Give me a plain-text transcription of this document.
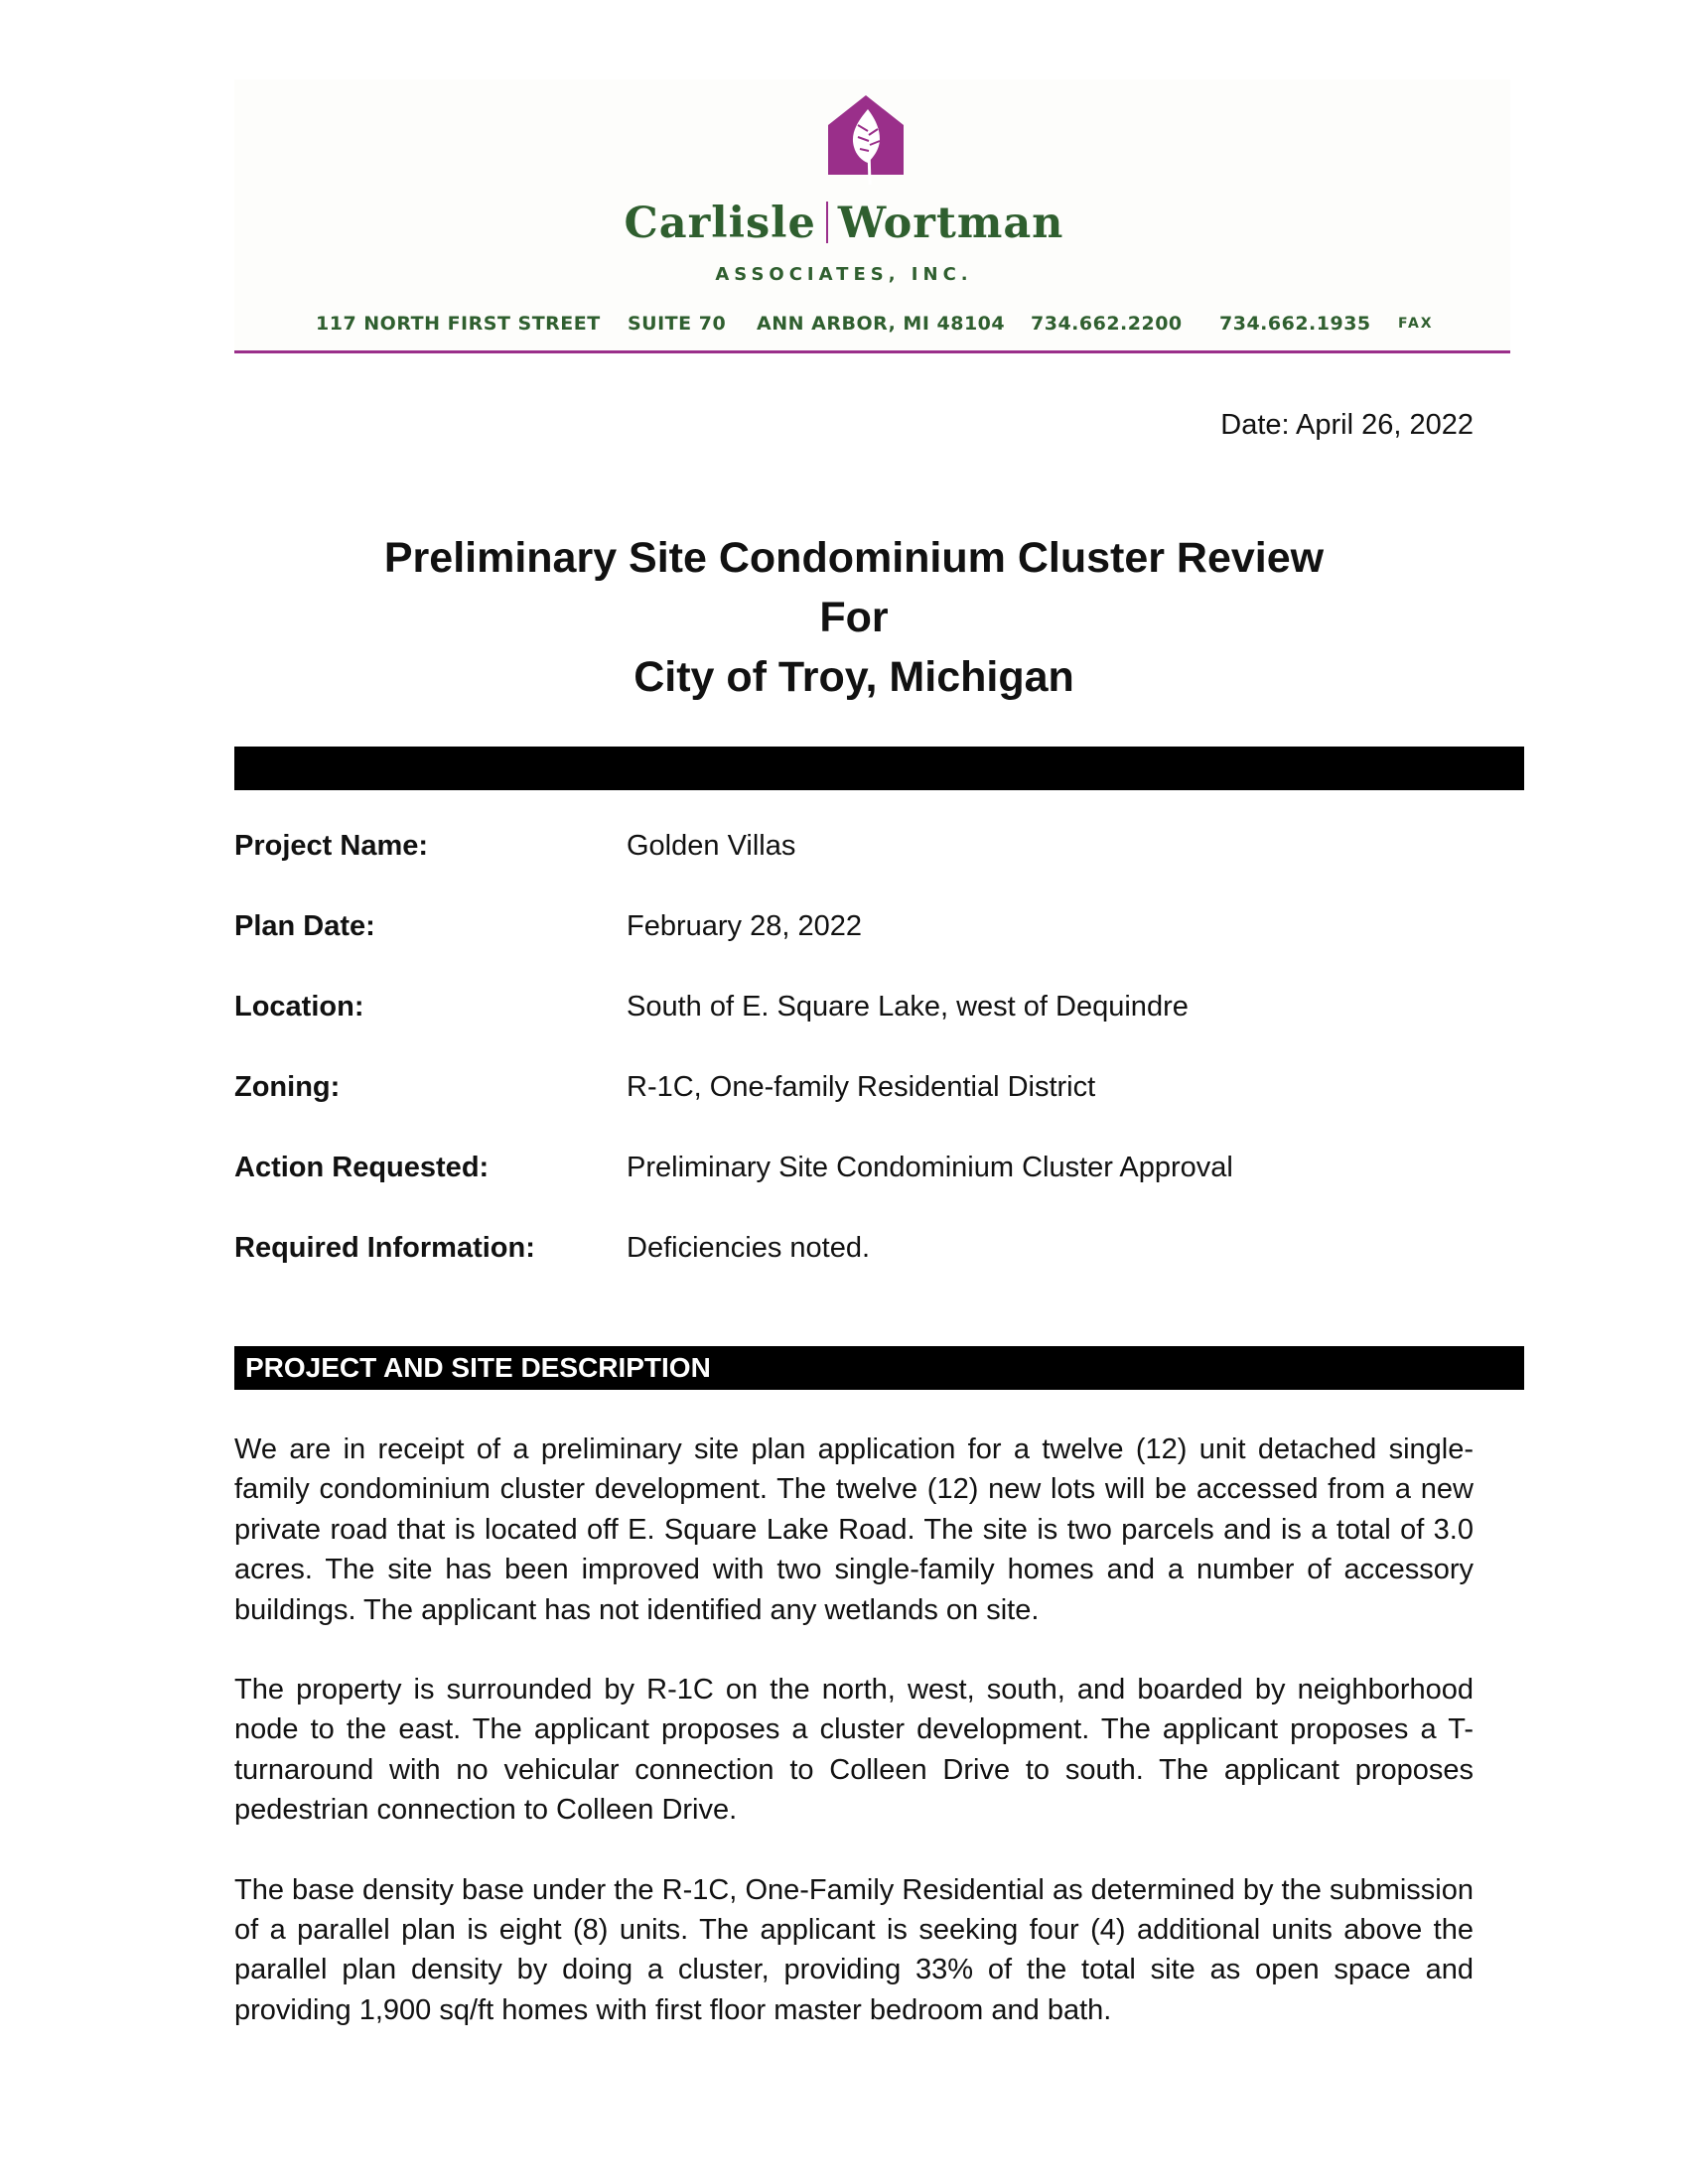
Carlisle Wortman
ASSOCIATES, INC.
117 NORTH FIRST STREET SUITE 70 ANN ARBOR, MI 48104 734.662.2200 734.662.1935 FAX
Date: April 26, 2022
Preliminary Site Condominium Cluster Review
For
City of Troy, Michigan
Project Name:	Golden Villas
Plan Date:	February 28, 2022
Location:	South of E. Square Lake, west of Dequindre
Zoning:	R-1C, One-family Residential District
Action Requested:	Preliminary Site Condominium Cluster Approval
Required Information:	Deficiencies noted.
PROJECT AND SITE DESCRIPTION

We are in receipt of a preliminary site plan application for a twelve (12) unit detached single-family condominium cluster development. The twelve (12) new lots will be accessed from a new private road that is located off E. Square Lake Road. The site is two parcels and is a total of 3.0 acres. The site has been improved with two single-family homes and a number of accessory buildings. The applicant has not identified any wetlands on site.

The property is surrounded by R-1C on the north, west, south, and boarded by neighborhood node to the east. The applicant proposes a cluster development. The applicant proposes a T-turnaround with no vehicular connection to Colleen Drive to south. The applicant proposes pedestrian connection to Colleen Drive.

The base density base under the R-1C, One-Family Residential as determined by the submission of a parallel plan is eight (8) units. The applicant is seeking four (4) additional units above the parallel plan density by doing a cluster, providing 33% of the total site as open space and providing 1,900 sq/ft homes with first floor master bedroom and bath.
